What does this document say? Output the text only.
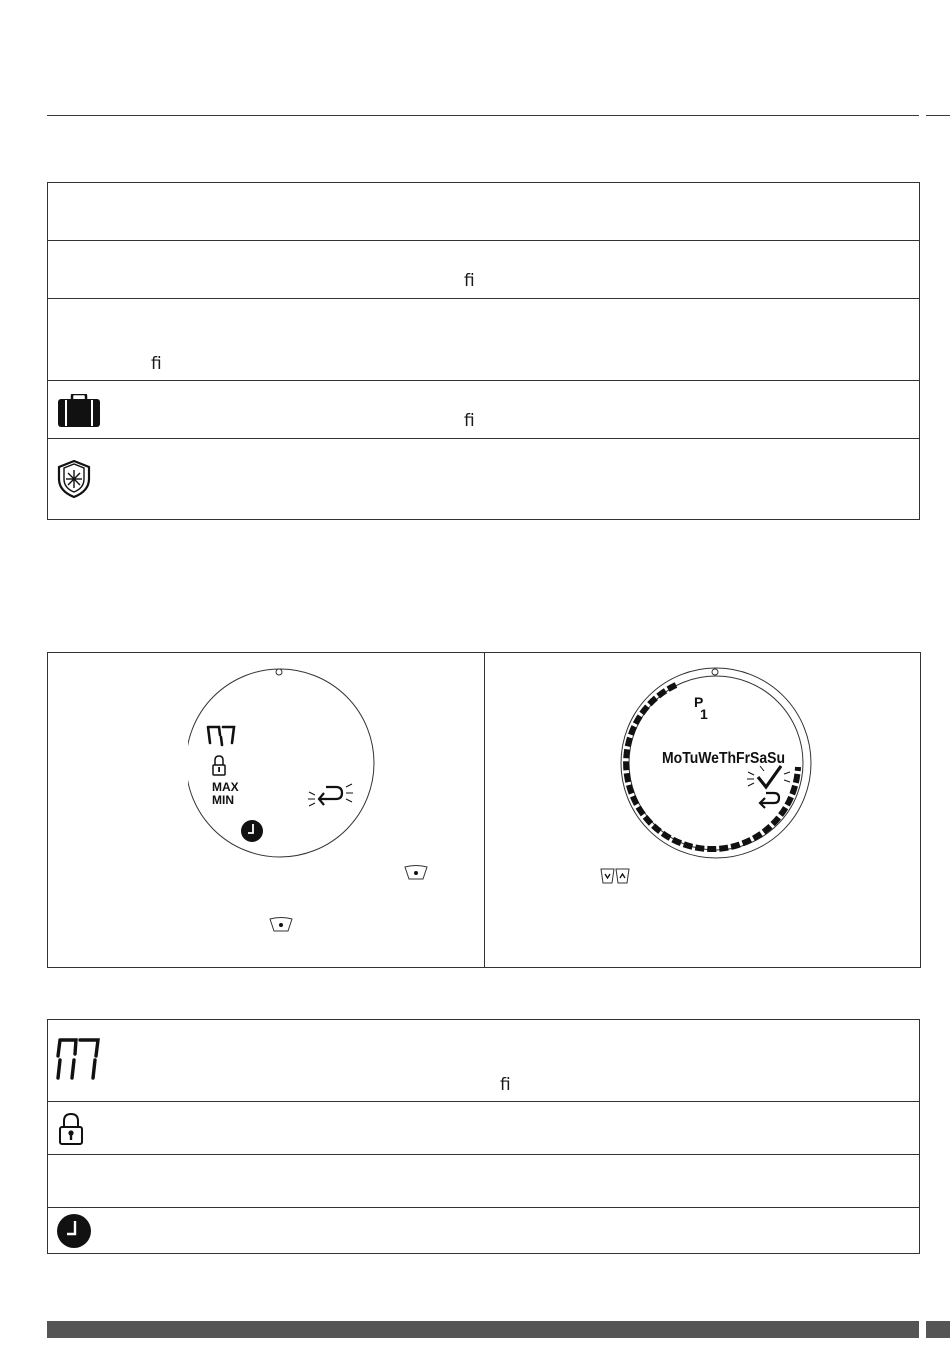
ﬁ

ﬁ

ﬁ

MAX
MIN
P
1
MoTuWeThFrSaSu
ﬁ
